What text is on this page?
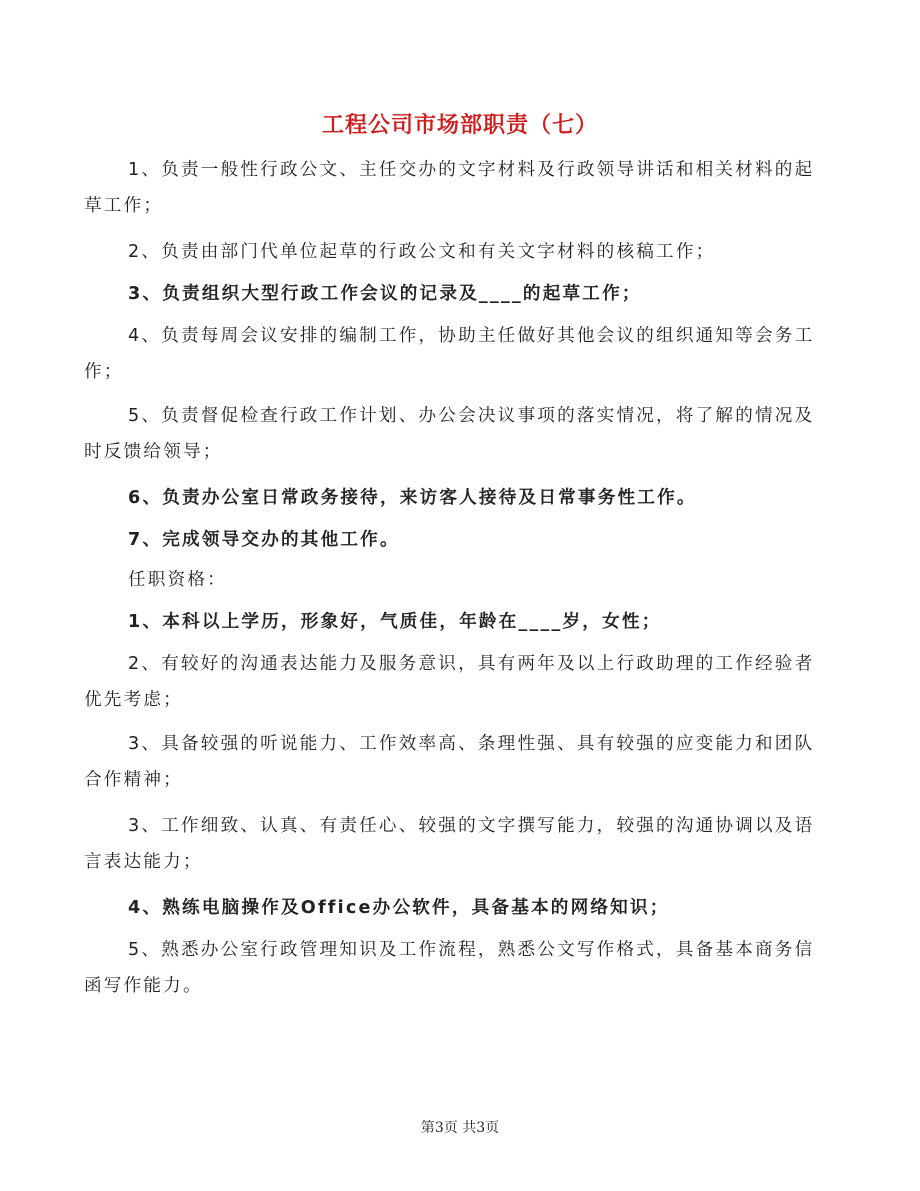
工程公司市场部职责（七）
1、负责一般性行政公文、主任交办的文字材料及行政领导讲话和相关材料的起草工作；
2、负责由部门代单位起草的行政公文和有关文字材料的核稿工作；
3、负责组织大型行政工作会议的记录及____的起草工作；
4、负责每周会议安排的编制工作，协助主任做好其他会议的组织通知等会务工作；
5、负责督促检查行政工作计划、办公会决议事项的落实情况，将了解的情况及时反馈给领导；
6、负责办公室日常政务接待，来访客人接待及日常事务性工作。
7、完成领导交办的其他工作。
任职资格：
1、本科以上学历，形象好，气质佳，年龄在____岁，女性；
2、有较好的沟通表达能力及服务意识，具有两年及以上行政助理的工作经验者优先考虑；
3、具备较强的听说能力、工作效率高、条理性强、具有较强的应变能力和团队合作精神；
3、工作细致、认真、有责任心、较强的文字撰写能力，较强的沟通协调以及语言表达能力；
4、熟练电脑操作及Office办公软件，具备基本的网络知识；
5、熟悉办公室行政管理知识及工作流程，熟悉公文写作格式，具备基本商务信函写作能力。
第3页 共3页
